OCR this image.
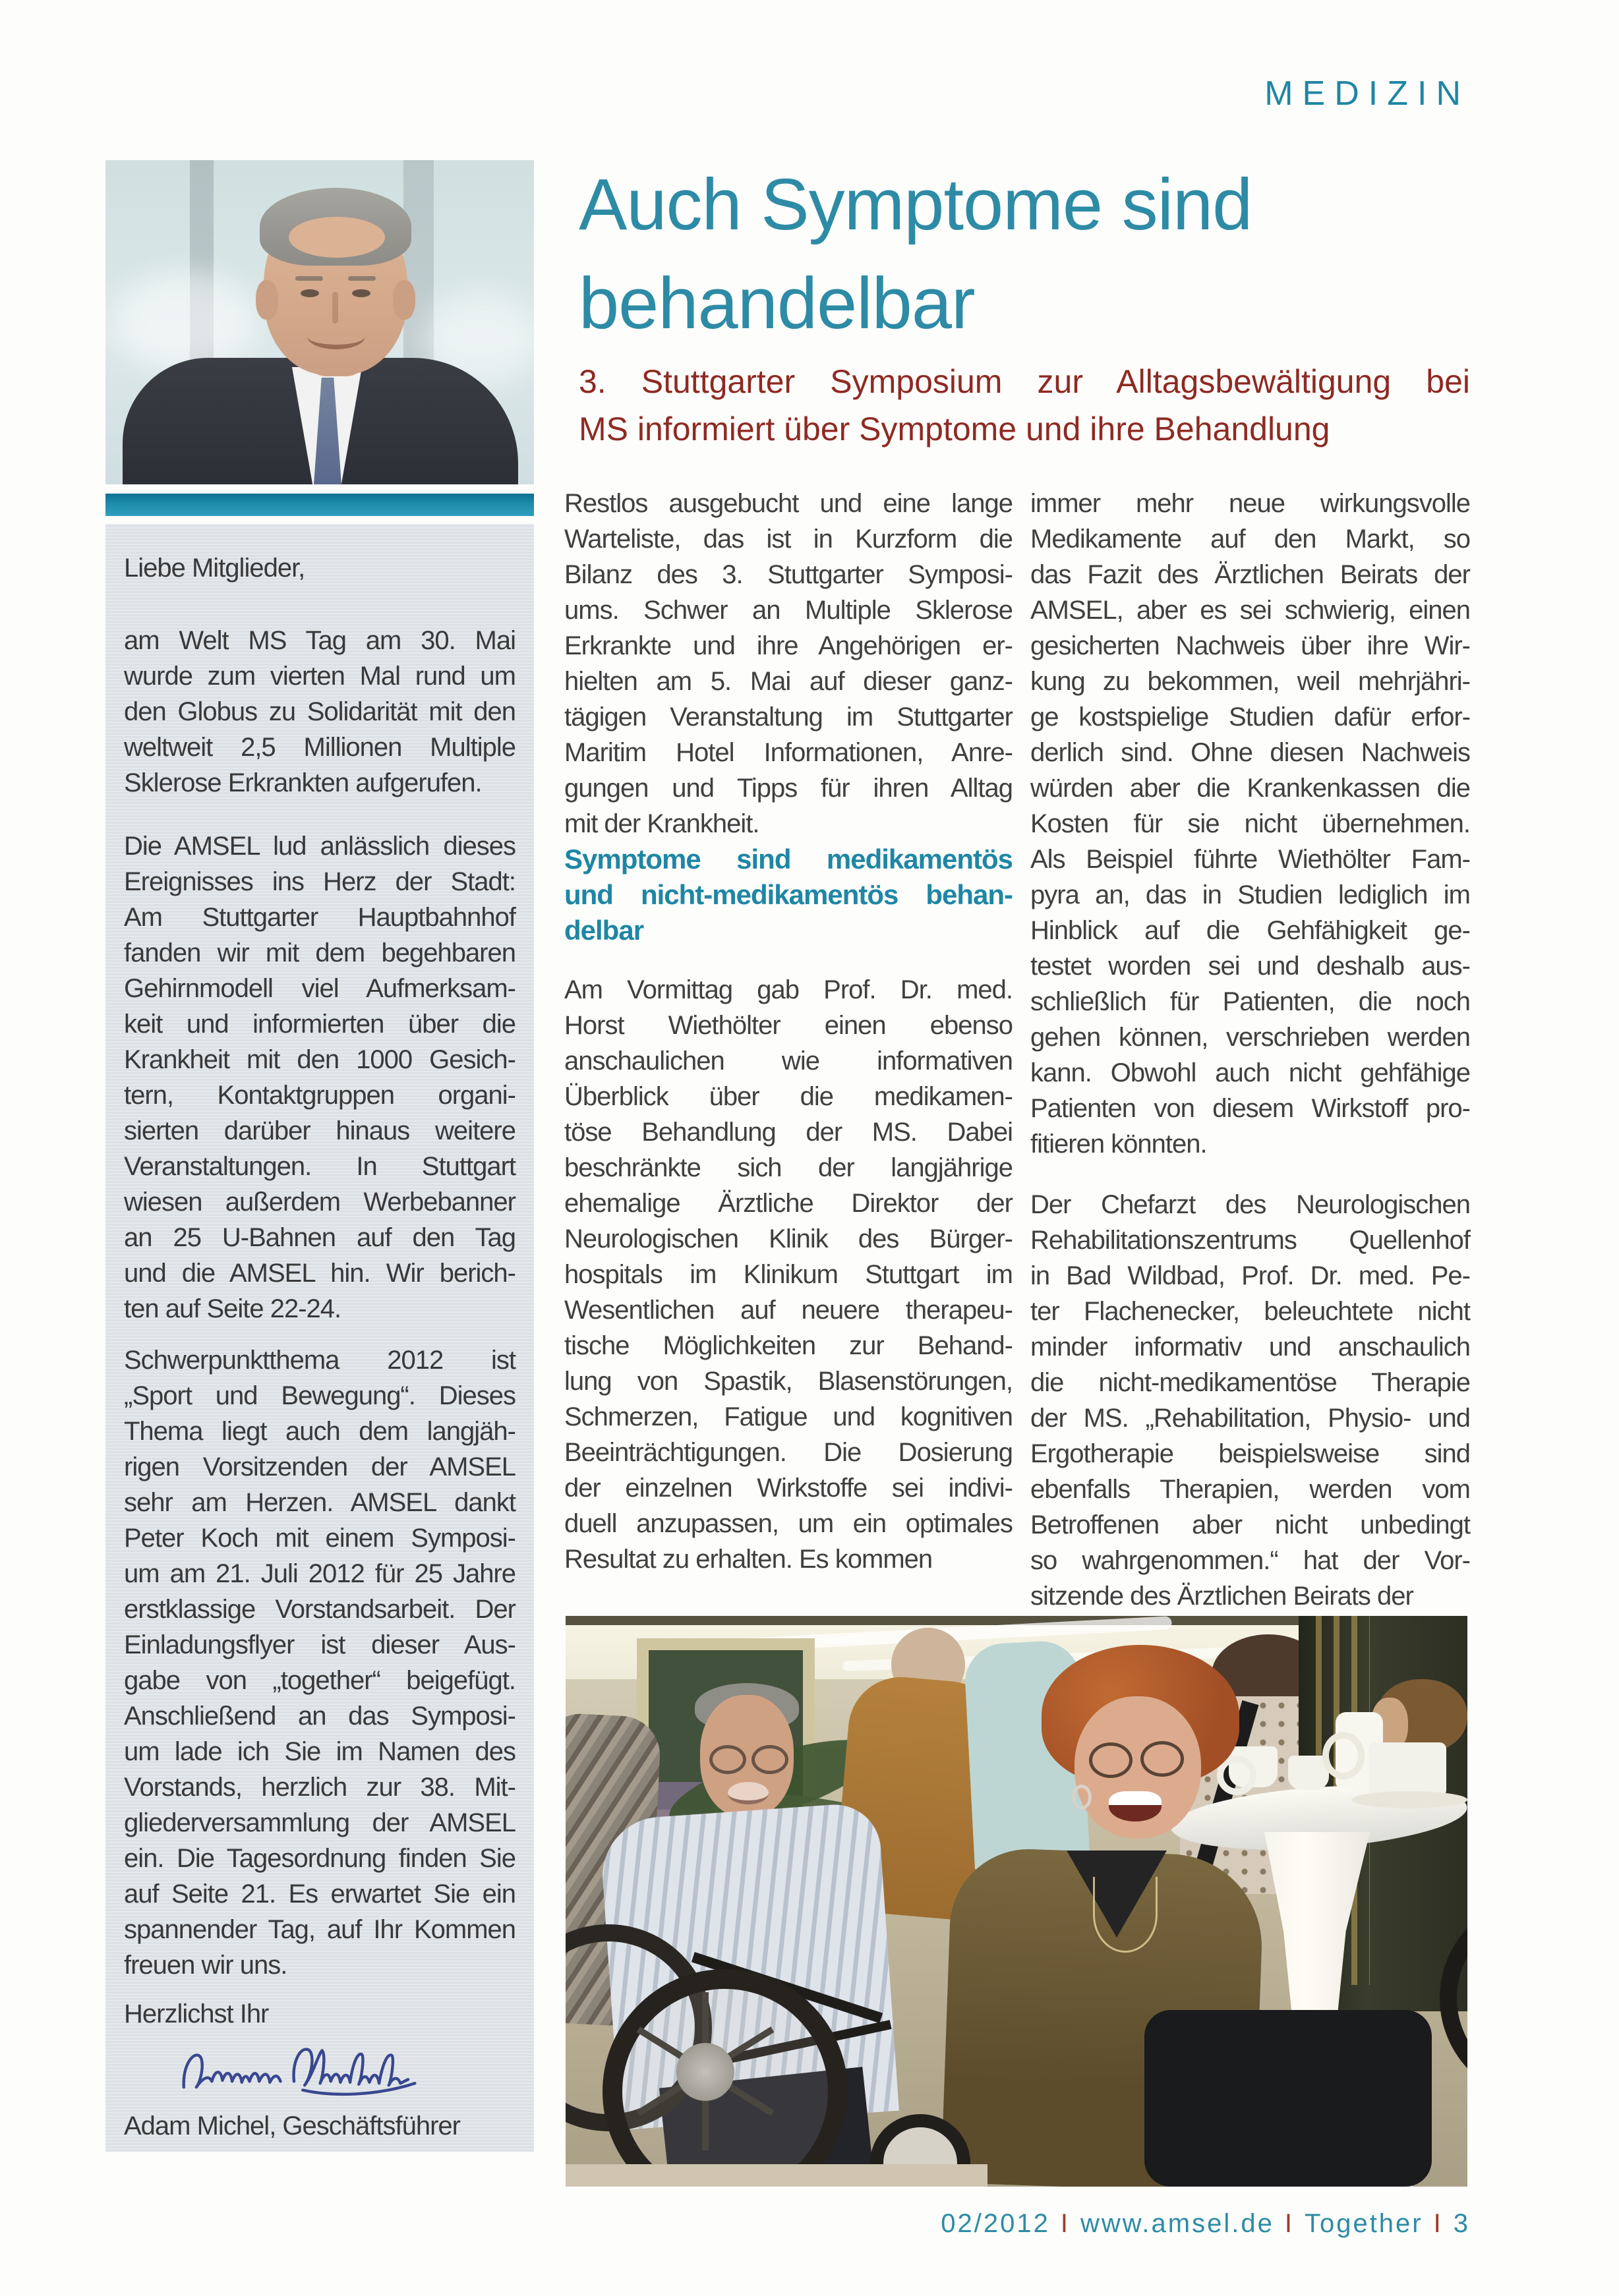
MEDIZIN
Auch Symptome sind
behandelbar
3. Stuttgarter Symposium zur Alltagsbewältigung bei
MS informiert über Symptome und ihre Behandlung
Liebe Mitglieder,
am Welt MS Tag am 30. Mai
wurde zum vierten Mal rund um
den Globus zu Solidarität mit den
weltweit 2,5 Millionen Multiple
Sklerose Erkrankten aufgerufen.
Die AMSEL lud anlässlich dieses
Ereignisses ins Herz der Stadt:
Am Stuttgarter Hauptbahnhof
fanden wir mit dem begehbaren
Gehirnmodell viel Aufmerksam-
keit und informierten über die
Krankheit mit den 1000 Gesich-
tern, Kontaktgruppen organi-
sierten darüber hinaus weitere
Veranstaltungen. In Stuttgart
wiesen außerdem Werbebanner
an 25 U-Bahnen auf den Tag
und die AMSEL hin. Wir berich-
ten auf Seite 22-24.
Schwerpunktthema 2012 ist
„Sport und Bewegung“. Dieses
Thema liegt auch dem langjäh-
rigen Vorsitzenden der AMSEL
sehr am Herzen. AMSEL dankt
Peter Koch mit einem Symposi-
um am 21. Juli 2012 für 25 Jahre
erstklassige Vorstandsarbeit. Der
Einladungsflyer ist dieser Aus-
gabe von „together“ beigefügt.
Anschließend an das Symposi-
um lade ich Sie im Namen des
Vorstands, herzlich zur 38. Mit-
gliederversammlung der AMSEL
ein. Die Tagesordnung finden Sie
auf Seite 21. Es erwartet Sie ein
spannender Tag, auf Ihr Kommen
freuen wir uns.
Herzlichst Ihr
Adam Michel, Geschäftsführer
Restlos ausgebucht und eine lange
Warteliste, das ist in Kurzform die
Bilanz des 3. Stuttgarter Symposi-
ums. Schwer an Multiple Sklerose
Erkrankte und ihre Angehörigen er-
hielten am 5. Mai auf dieser ganz-
tägigen Veranstaltung im Stuttgarter
Maritim Hotel Informationen, Anre-
gungen und Tipps für ihren Alltag
mit der Krankheit.
Symptome sind medikamentös
und nicht-medikamentös behan-
delbar
Am Vormittag gab Prof. Dr. med.
Horst Wiethölter einen ebenso
anschaulichen wie informativen
Überblick über die medikamen-
töse Behandlung der MS. Dabei
beschränkte sich der langjährige
ehemalige Ärztliche Direktor der
Neurologischen Klinik des Bürger-
hospitals im Klinikum Stuttgart im
Wesentlichen auf neuere therapeu-
tische Möglichkeiten zur Behand-
lung von Spastik, Blasenstörungen,
Schmerzen, Fatigue und kognitiven
Beeinträchtigungen. Die Dosierung
der einzelnen Wirkstoffe sei indivi-
duell anzupassen, um ein optimales
Resultat zu erhalten. Es kommen
immer mehr neue wirkungsvolle
Medikamente auf den Markt, so
das Fazit des Ärztlichen Beirats der
AMSEL, aber es sei schwierig, einen
gesicherten Nachweis über ihre Wir-
kung zu bekommen, weil mehrjähri-
ge kostspielige Studien dafür erfor-
derlich sind. Ohne diesen Nachweis
würden aber die Krankenkassen die
Kosten für sie nicht übernehmen.
Als Beispiel führte Wiethölter Fam-
pyra an, das in Studien lediglich im
Hinblick auf die Gehfähigkeit ge-
testet worden sei und deshalb aus-
schließlich für Patienten, die noch
gehen können, verschrieben werden
kann. Obwohl auch nicht gehfähige
Patienten von diesem Wirkstoff pro-
fitieren könnten.
Der Chefarzt des Neurologischen
Rehabilitationszentrums Quellenhof
in Bad Wildbad, Prof. Dr. med. Pe-
ter Flachenecker, beleuchtete nicht
minder informativ und anschaulich
die nicht-medikamentöse Therapie
der MS. „Rehabilitation, Physio- und
Ergotherapie beispielsweise sind
ebenfalls Therapien, werden vom
Betroffenen aber nicht unbedingt
so wahrgenommen.“ hat der Vor-
sitzende des Ärztlichen Beirats der
02/2012 I www.amsel.de I Together I 3
